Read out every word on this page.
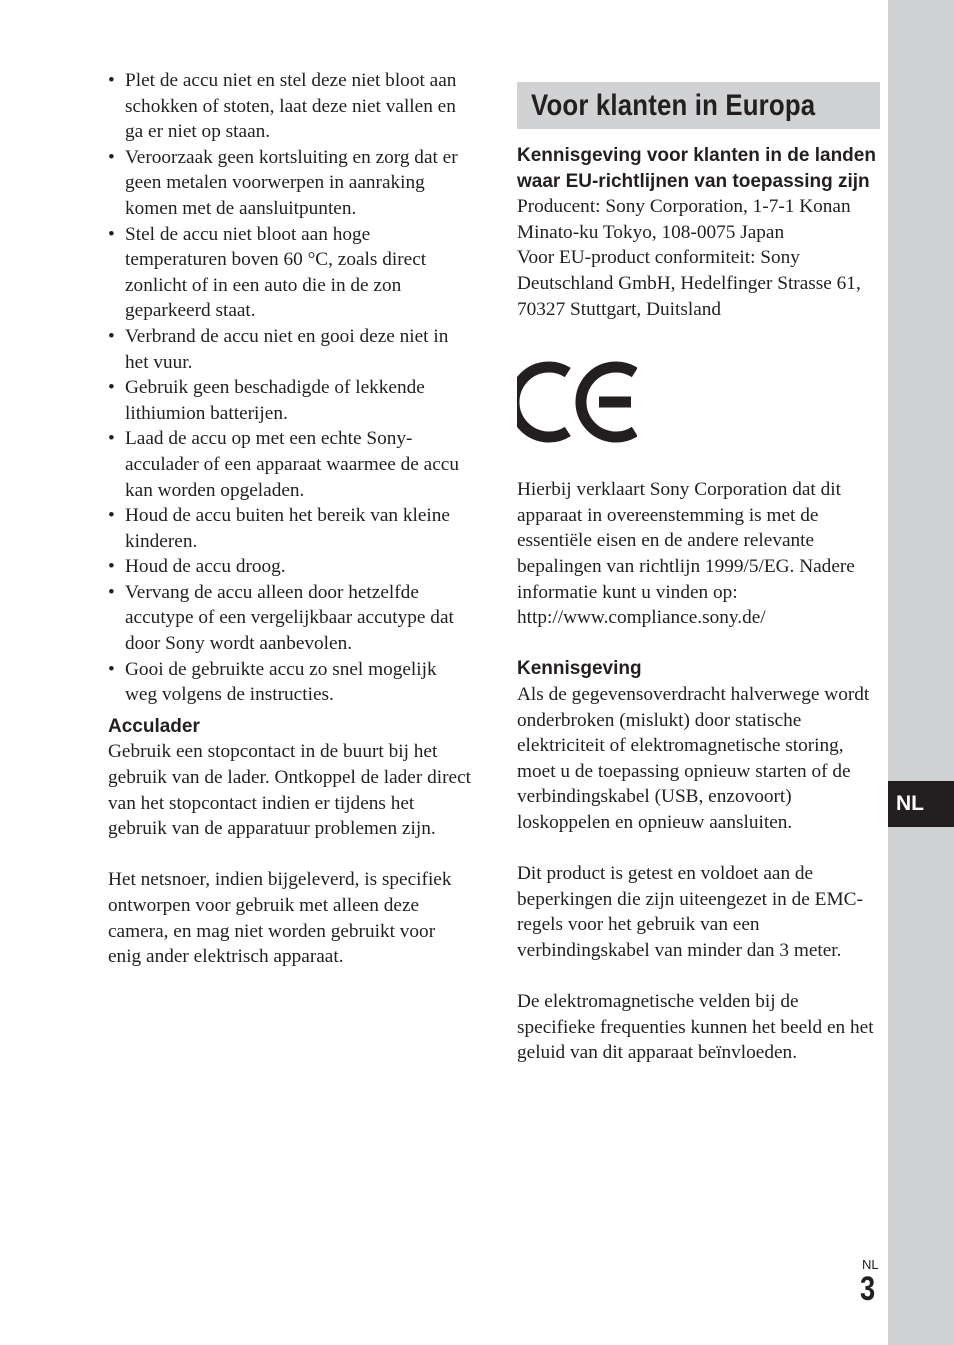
NL
• Plet de accu niet en stel deze niet bloot aan schokken of stoten, laat deze niet vallen en ga er niet op staan.
• Veroorzaak geen kortsluiting en zorg dat er geen metalen voorwerpen in aanraking komen met de aansluitpunten.
• Stel de accu niet bloot aan hoge temperaturen boven 60 °C, zoals direct zonlicht of in een auto die in de zon geparkeerd staat.
• Verbrand de accu niet en gooi deze niet in het vuur.
• Gebruik geen beschadigde of lekkende lithiumion batterijen.
• Laad de accu op met een echte Sony-acculader of een apparaat waarmee de accu kan worden opgeladen.
• Houd de accu buiten het bereik van kleine kinderen.
• Houd de accu droog.
• Vervang de accu alleen door hetzelfde accutype of een vergelijkbaar accutype dat door Sony wordt aanbevolen.
• Gooi de gebruikte accu zo snel mogelijk weg volgens de instructies.
Acculader

Gebruik een stopcontact in de buurt bij het gebruik van de lader. Ontkoppel de lader direct van het stopcontact indien er tijdens het gebruik van de apparatuur problemen zijn.

Het netsnoer, indien bijgeleverd, is specifiek ontworpen voor gebruik met alleen deze camera, en mag niet worden gebruikt voor enig ander elektrisch apparaat.

Voor klanten in Europa
Kennisgeving voor klanten in de landen waar EU-richtlijnen van toepassing zijn

Producent: Sony Corporation, 1-7-1 Konan Minato-ku Tokyo, 108-0075 Japan

Voor EU-product conformiteit: Sony Deutschland GmbH, Hedelfinger Strasse 61, 70327 Stuttgart, Duitsland

Hierbij verklaart Sony Corporation dat dit apparaat in overeenstemming is met de essentiële eisen en de andere relevante bepalingen van richtlijn 1999/5/EG. Nadere informatie kunt u vinden op:

http://www.compliance.sony.de/

Kennisgeving

Als de gegevensoverdracht halverwege wordt onderbroken (mislukt) door statische elektriciteit of elektromagnetische storing, moet u de toepassing opnieuw starten of de verbindingskabel (USB, enzovoort) loskoppelen en opnieuw aansluiten.

Dit product is getest en voldoet aan de beperkingen die zijn uiteengezet in de EMC-regels voor het gebruik van een verbindingskabel van minder dan 3 meter.

De elektromagnetische velden bij de specifieke frequenties kunnen het beeld en het geluid van dit apparaat beïnvloeden.

NL
3
